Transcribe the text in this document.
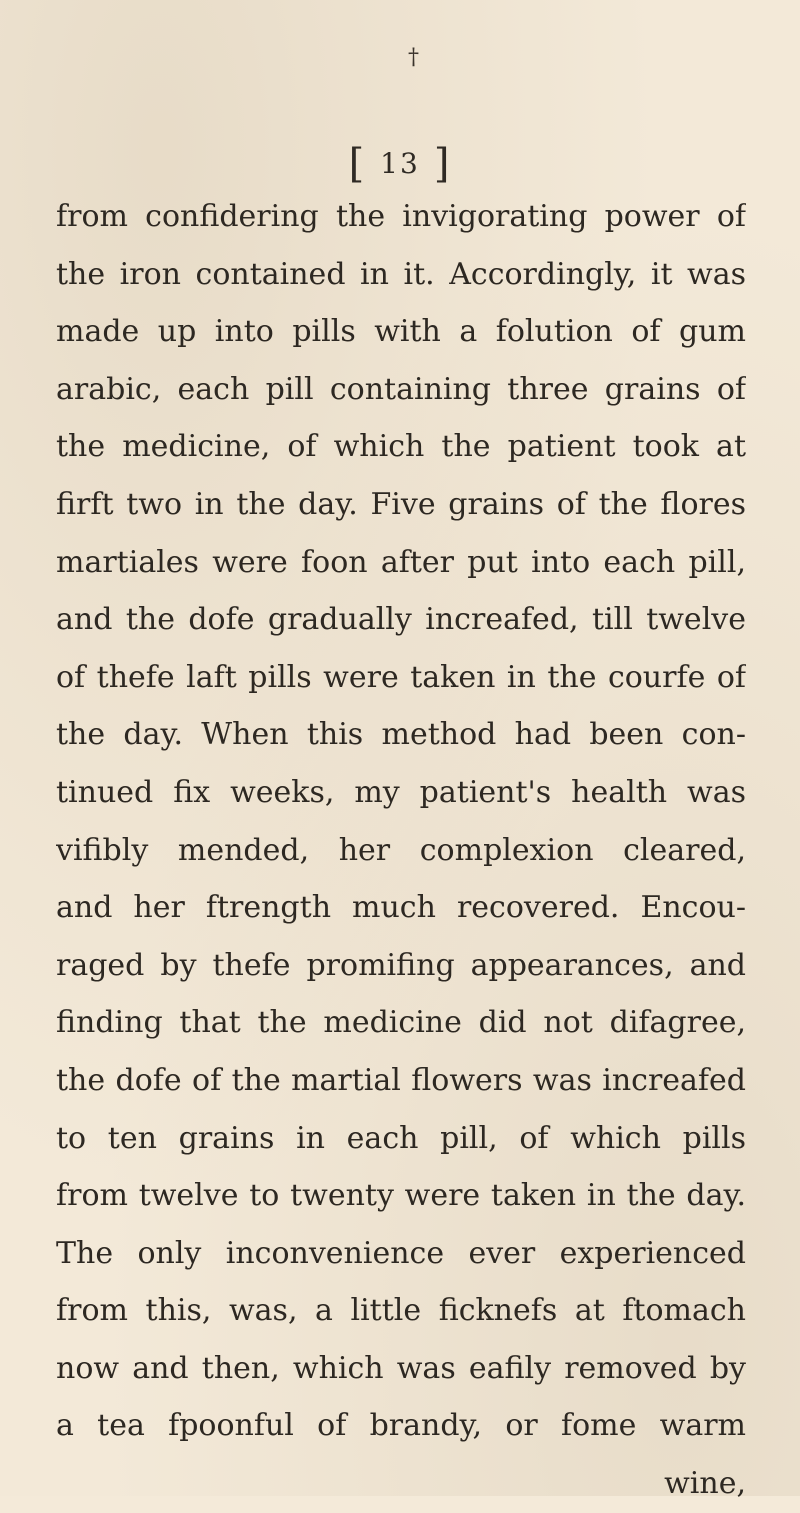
†
[ 13 ]
from confidering the invigorating power of
the iron contained in it. Accordingly, it was
made up into pills with a folution of gum
arabic, each pill containing three grains of
the medicine, of which the patient took at
firft two in the day. Five grains of the flores
martiales were foon after put into each pill,
and the dofe gradually increafed, till twelve
of thefe laft pills were taken in the courfe of
the day. When this method had been con-
tinued fix weeks, my patient's health was
vifibly mended, her complexion cleared,
and her ftrength much recovered. Encou-
raged by thefe promifing appearances, and
finding that the medicine did not difagree,
the dofe of the martial flowers was increafed
to ten grains in each pill, of which pills
from twelve to twenty were taken in the day.
The only inconvenience ever experienced
from this, was, a little ficknefs at ftomach
now and then, which was eafily removed by
a tea fpoonful of brandy, or fome warm
wine,
